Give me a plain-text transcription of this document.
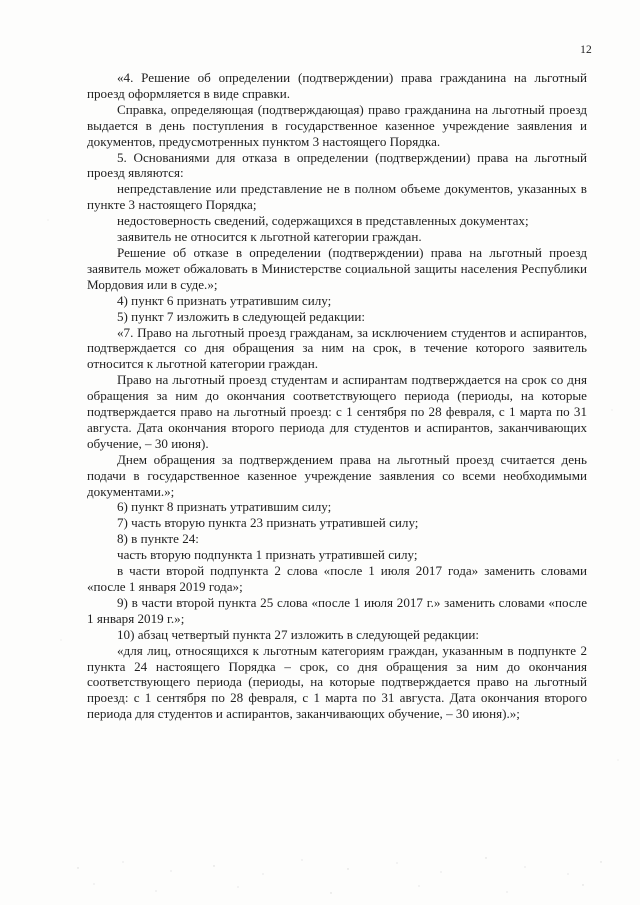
12

«4. Решение об определении (подтверждении) права гражданина на льготный проезд оформляется в виде справки.

Справка, определяющая (подтверждающая) право гражданина на льготный проезд выдается в день поступления в государственное казенное учреждение заявления и документов, предусмотренных пунктом 3 настоящего Порядка.

5. Основаниями для отказа в определении (подтверждении) права на льготный проезд являются:

непредставление или представление не в полном объеме документов, указанных в пункте 3 настоящего Порядка;

недостоверность сведений, содержащихся в представленных документах;

заявитель не относится к льготной категории граждан.

Решение об отказе в определении (подтверждении) права на льготный проезд заявитель может обжаловать в Министерстве социальной защиты населения Республики Мордовия или в суде.»;

4) пункт 6 признать утратившим силу;

5) пункт 7 изложить в следующей редакции:

«7. Право на льготный проезд гражданам, за исключением студентов и аспирантов, подтверждается со дня обращения за ним на срок, в течение которого заявитель относится к льготной категории граждан.

Право на льготный проезд студентам и аспирантам подтверждается на срок со дня обращения за ним до окончания соответствующего периода (периоды, на которые подтверждается право на льготный проезд: с 1 сентября по 28 февраля, с 1 марта по 31 августа. Дата окончания второго периода для студентов и аспирантов, заканчивающих обучение, – 30 июня).

Днем обращения за подтверждением права на льготный проезд считается день подачи в государственное казенное учреждение заявления со всеми необходимыми документами.»;

6) пункт 8 признать утратившим силу;

7) часть вторую пункта 23 признать утратившей силу;

8) в пункте 24:

часть вторую подпункта 1 признать утратившей силу;

в части второй подпункта 2 слова «после 1 июля 2017 года» заменить словами «после 1 января 2019 года»;

9) в части второй пункта 25 слова «после 1 июля 2017 г.» заменить словами «после 1 января 2019 г.»;

10) абзац четвертый пункта 27 изложить в следующей редакции:

«для лиц, относящихся к льготным категориям граждан, указанным в подпункте 2 пункта 24 настоящего Порядка – срок, со дня обращения за ним до окончания соответствующего периода (периоды, на которые подтверждается право на льготный проезд: с 1 сентября по 28 февраля, с 1 марта по 31 августа. Дата окончания второго периода для студентов и аспирантов, заканчивающих обучение, – 30 июня).»;
